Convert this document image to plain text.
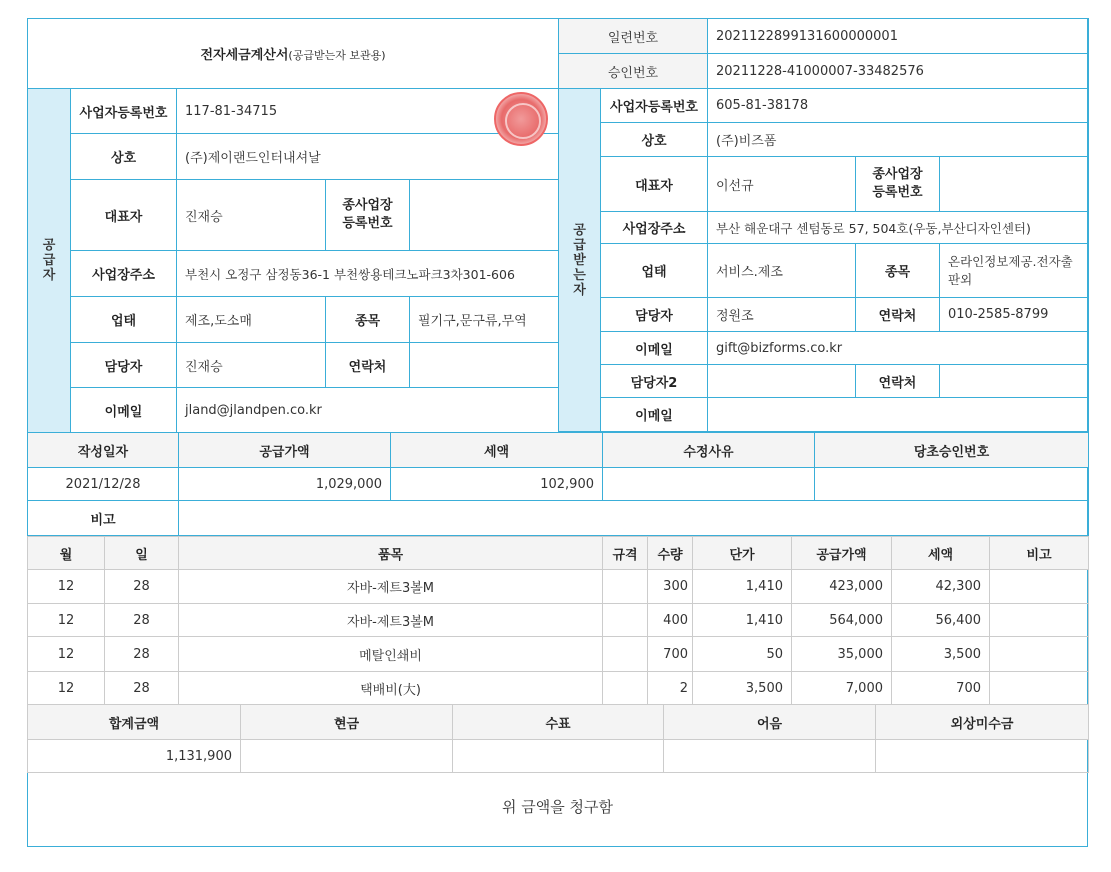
전자세금계산서(공급받는자 보관용)	일련번호	2021122899131600000001
	승인번호	20211228-41000007-33482576
공급자	사업자등록번호	117-81-34715		
	상호	(주)제이랜드인터내셔날		
	대표자	진재승	종사업장
등록번호	
	사업장주소	부천시 오정구 삼정동36-1 부천쌍용테크노파크3차301-606		
	업태	제조,도소매	종목	필기구,문구류,무역
	담당자	진재승	연락처	
	이메일	jland@jlandpen.co.kr		
공급받는자	사업자등록번호	605-81-38178		
	상호	(주)비즈폼		
	대표자	이선규	종사업장
등록번호	
	사업장주소	부산 해운대구 센텀동로 57, 504호(우동,부산디자인센터)		
	업태	서비스.제조	종목	온라인정보제공.전자출판외
	담당자	정원조	연락처	010-2585-8799
	이메일	gift@bizforms.co.kr		
	담당자2		연락처	
	이메일			
작성일자	공급가액	세액	수정사유	당초승인번호
2021/12/28	1,029,000	102,900		
비고				
월	일	품목	규격	수량	단가	공급가액	세액	비고
12	28	자바-제트3볼M		300	1,410	423,000	42,300	
12	28	자바-제트3볼M		400	1,410	564,000	56,400	
12	28	메탈인쇄비		700	50	35,000	3,500	
12	28	택배비(大)		2	3,500	7,000	700	
합계금액	현금	수표	어음	외상미수금
1,131,900				
위 금액을 청구함
